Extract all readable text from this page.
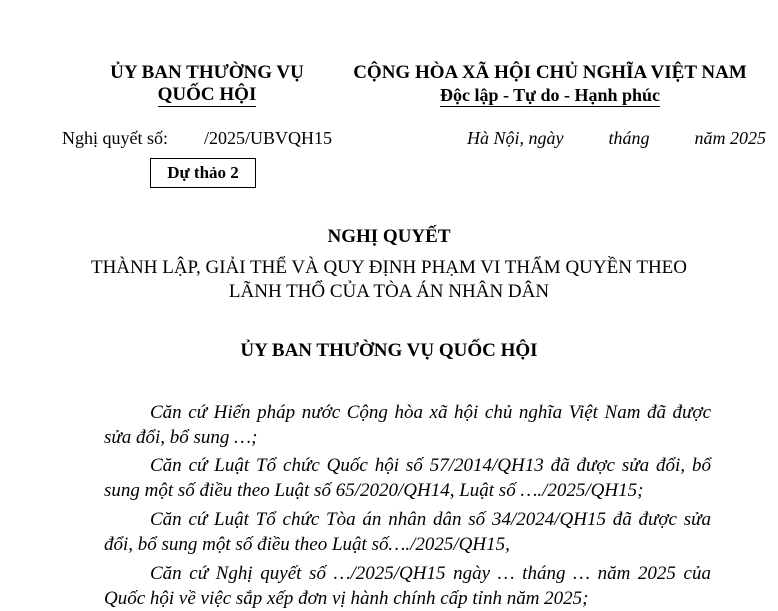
ỦY BAN THƯỜNG VỤ
QUỐC HỘI
CỘNG HÒA XÃ HỘI CHỦ NGHĨA VIỆT NAM
Độc lập - Tự do - Hạnh phúc
Nghị quyết số: /2025/UBVQH15	Hà Nội, ngày          tháng          năm 2025
Dự thảo 2
NGHỊ QUYẾT
THÀNH LẬP, GIẢI THỂ VÀ QUY ĐỊNH PHẠM VI THẨM QUYỀN THEO
LÃNH THỔ CỦA TÒA ÁN NHÂN DÂN
ỦY BAN THƯỜNG VỤ QUỐC HỘI
Căn cứ Hiến pháp nước Cộng hòa xã hội chủ nghĩa Việt Nam đã được sửa đổi, bổ sung …;
Căn cứ Luật Tổ chức Quốc hội số 57/2014/QH13 đã được sửa đổi, bổ sung một số điều theo Luật số 65/2020/QH14, Luật số …./2025/QH15;
Căn cứ Luật Tổ chức Tòa án nhân dân số 34/2024/QH15 đã được sửa đổi, bổ sung một số điều theo Luật số…./2025/QH15,
Căn cứ Nghị quyết số …/2025/QH15 ngày … tháng … năm 2025 của Quốc hội về việc sắp xếp đơn vị hành chính cấp tỉnh năm 2025;
